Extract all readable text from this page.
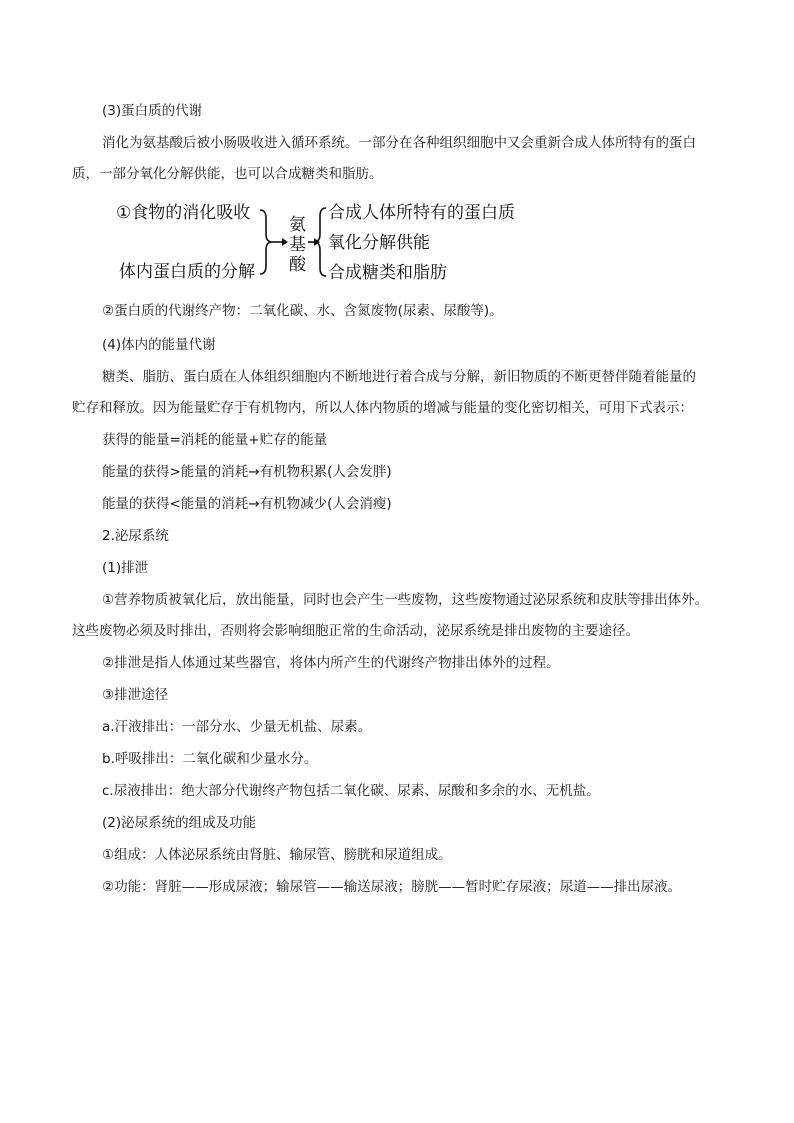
(3)蛋白质的代谢
消化为氨基酸后被小肠吸收进入循环系统。一部分在各种组织细胞中又会重新合成人体所特有的蛋白
质，一部分氧化分解供能，也可以合成糖类和脂肪。
①食物的消化吸收
体内蛋白质的分解
氨
基
酸
合成人体所特有的蛋白质
氧化分解供能
合成糖类和脂肪
②蛋白质的代谢终产物：二氧化碳、水、含氮废物(尿素、尿酸等)。
(4)体内的能量代谢
糖类、脂肪、蛋白质在人体组织细胞内不断地进行着合成与分解，新旧物质的不断更替伴随着能量的
贮存和释放。因为能量贮存于有机物内，所以人体内物质的增减与能量的变化密切相关，可用下式表示：
获得的能量=消耗的能量+贮存的能量
能量的获得>能量的消耗→有机物积累(人会发胖)
能量的获得<能量的消耗→有机物减少(人会消瘦)
2.泌尿系统
(1)排泄
①营养物质被氧化后，放出能量，同时也会产生一些废物，这些废物通过泌尿系统和皮肤等排出体外。
这些废物必须及时排出，否则将会影响细胞正常的生命活动，泌尿系统是排出废物的主要途径。
②排泄是指人体通过某些器官，将体内所产生的代谢终产物排出体外的过程。
③排泄途径
a.汗液排出：一部分水、少量无机盐、尿素。
b.呼吸排出：二氧化碳和少量水分。
c.尿液排出：绝大部分代谢终产物包括二氧化碳、尿素、尿酸和多余的水、无机盐。
(2)泌尿系统的组成及功能
①组成：人体泌尿系统由肾脏、输尿管、膀胱和尿道组成。
②功能：肾脏——形成尿液；输尿管——输送尿液；膀胱——暂时贮存尿液；尿道——排出尿液。
